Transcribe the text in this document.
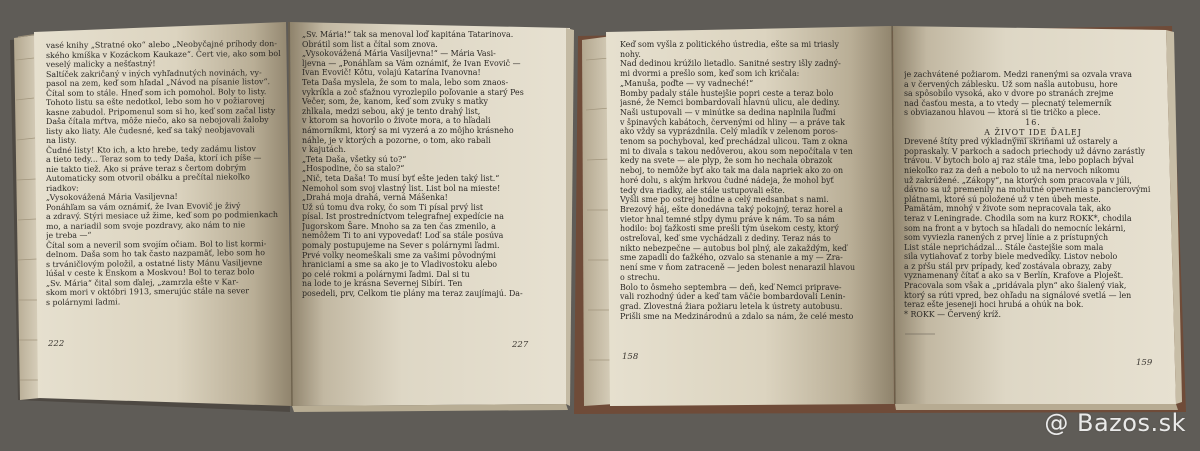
vasé knihy „Stratné oko“ alebo „Neobyčajné príhody don-
ského kmíška v Kozáckom Kaukaze“. Čert vie, ako som bol
veselý malicky a nešťastný!
Saltíček zakričaný v iných vyhľadnutých novinách, vy-
pasol na zem, keď som hľadal „Návod na písanie listov“.
Čítal som to stále. Hneď som ich pomohol. Boly to listy.
Tohoto listu sa ešte nedotkol, lebo som ho v požiarovej
kasne zabudol. Pripomenul som si ho, keď som začal listy
Daša čítala mŕtva, môže niečo, ako sa nebojovali žaloby
listy ako liaty. Ale čudesné, keď sa taký neobjavovali
na listy.
Čudné listy! Kto ich, a kto hrebe, tedy zadámu listov
a tieto tedy... Teraz som to tedy Daša, ktorí ich píše —
nie takto tiež. Ako si práve teraz s čertom dobrým
Automaticky som otvoril obálku a prečítal niekoľko
riadkov:
„Vysokovážená Mária Vasiljevna!
Ponáhľam sa vám oznámiť, že Ivan Evovič je živý
a zdravý. Stýri mesiace už žime, keď som po podmienkach
mo, a nariadil som svoje pozdravy, ako nám to nie
je treba —“
Čítal som a neveril som svojím očiam. Bol to list kormi-
delnom. Daša som ho tak často nazpamäť, lebo som ho
s trváničlovým položil, a ostatné listy Mánu Vasiljevne
lúšal v ceste k Enskom a Moskvou! Bol to teraz bolo
„Sv. Mária“ čital som ďalej, „zamrzla ešte v Kar-
skom mori v októbri 1913, smerujúc stále na sever
s polárnymi ľadmi.
222
„Sv. Mária!“ tak sa menoval loď kapitána Tatarinova.
Obrátil som list a čítal som znova.
„Vysokovážená Mária Vasiljevna!“ — Mária Vasi-
ljevna — „Ponáhľam sa Vám oznámiť, že Ivan Evovič —
Ivan Evovič! Kôtu, volajú Katarína Ivanovna!
Teta Daša myslela, že som to mala, lebo som znaos-
vykríkla a zoč sťažnou vyrozlepilo poľovanie a starý Pes
Večer, som, že, kanom, keď som zvuky s matky
zhlkala, medzi sebou, aký je tento drahý list,
v ktorom sa hovorilo o živote mora, a to hľadali
námorníkmi, ktorý sa mi vyzerá a zo môjho krásneho
náhle, je v ktorých a pozorne, o tom, ako rabali
v kajutách.
„Teta Daša, všetky sú to?“
„Hospodine, čo sa stalo?“
„Nič, teta Daša! To musí byť ešte jeden taký list.“
Nemohol som svoj vlastný list. List bol na mieste!
„Drahá moja drahá, verná Mášenka!
Už sú tomu dva roky, čo som Ti písal prvý list
písal. Ist prostredníctvom telegrafnej expedície na
Jugorskom Šare. Mnoho sa za ten čas zmenilo, a
nemôžem Ti to ani vypovedať! Loď sa stále posúva
pomaly postupujeme na Sever s polárnymi ľadmi.
Prvé volky neomeškali sme za vašimi pôvodnými
hraniciami a sme sa ako je to Vladivostoku alebo
po celé rokmi a polárnymi ľadmi. Dal si tu
na lode to je krásna Severnej Sibíri. Ten
posedeli, prv, Celkom tie plány ma teraz zaujímajú. Da-
227
Keď som vyšla z politického ústredia, ešte sa mi triasly
nohy.
Nad dedinou krúžilo lietadlo. Sanitné sestry išly zadný-
mi dvormi a prešlo som, keď som ich kričala:
„Manuša, poďte — vy vadneché!“
Bomby padaly stále hustejšie popri ceste a teraz bolo
jasné, že Nemci bombardovali hlavnú ulicu, ale dediny.
Naši ustupovali — v minútke sa dedina naplnila ľuďmi
v špinavých kabátoch, červenými od hliny — a práve tak
ako vždy sa vyprázdnila. Celý mladík v zelenom poros-
tenom sa pochyboval, keď prechádzal ulicou. Tam z okna
mi to divala s takou nedôverou, akou som nepočítala v ten
kedy na svete — ale plyp, že som ho nechala obrazok
neboj, to nemôže byť ako tak ma dala napriek ako zo on
horé dolu, s akým hrkvou čudné nádeja, že mohol byť
tedy dva riadky, ale stále ustupovali ešte.
Vyšli sme po ostrej hodine a celý medsanbat s nami.
Brezový háj, ešte donedávna taký pokojný, teraz horel a
vietor hnal temné stĺpy dymu práve k nám. To sa nám
hodilo: boj ťažkosti sme prešli tým úsekom cesty, ktorý
ostreľoval, keď sme vychádzali z dediny. Teraz nás to
nikto nebezpečne — autobus bol plný, ale zakaždým, keď
sme zapadli do ťažkého, ozvalo sa stenanie a my — Zra-
není sme v ňom zatraceně — jeden bolest nenarazil hlavou
o strechu.
Bolo to ôsmeho septembra — deň, keď Nemci priprave-
vali rozhodný úder a keď tam väčie bombardovali Lenin-
grad. Zlovestná žiara požiaru letela k ústrety autobusu.
Prišli sme na Medzinárodnú a zdalo sa nám, že celé mesto
158
je zachvátené požiarom. Medzi ranenými sa ozvala vrava
a v červených záblesku. Už som našla autobusu, hore
sa spôsobilo vysoká, ako v dvore po stranách zrejme
nad časťou mesta, a to vtedy — plecnatý telemerník
s obviazanou hlavou — ktorá si tie tričko a plece.
16.
A ŽIVOT IDE ĎALEJ
Drevené štíty pred výkladnými skriňami už ostarely a
popraskaly. V parkoch a sadoch priechody už dávno zarástly
trávou. V bytoch bolo aj raz stále tma, lebo poplach býval
niekoľko raz za deň a nebolo to už na nervoch nikomu
už zakrúžené. „Zákopy“, na ktorých som pracovala v júli,
dávno sa už premenily na mohutné opevnenia s pancierovými
plátnami, ktoré sú položené už v ten úbeh meste.
Pamätám, mnohý v živote som nepracovala tak, ako
teraz v Leningrade. Chodila som na kurz ROKK*, chodila
som na front a v bytoch sa hľadali do nemocníc lekárni,
som vyviezla ranených z prvej línie a z prístupných
List stále neprichádzal... Stále častejšie som mala
sila vytiahovať z torby biele medvedíky. Listov nebolo
a z pŕšu stál prv prípady, keď zostávala obrazy, zaby
vyznamenaný čítať a ako sa v Berlín, Krafove a Ploješt.
Pracovala som však a „pridávala plyn“ ako šialený viak,
ktorý sa rúti vpred, bez ohľadu na signálové svetlá — len
teraz ešte jeseneji hoci hrubá a ohúk na bok.
* ROKK — Červený kríž.
159
@ Bazos.sk
